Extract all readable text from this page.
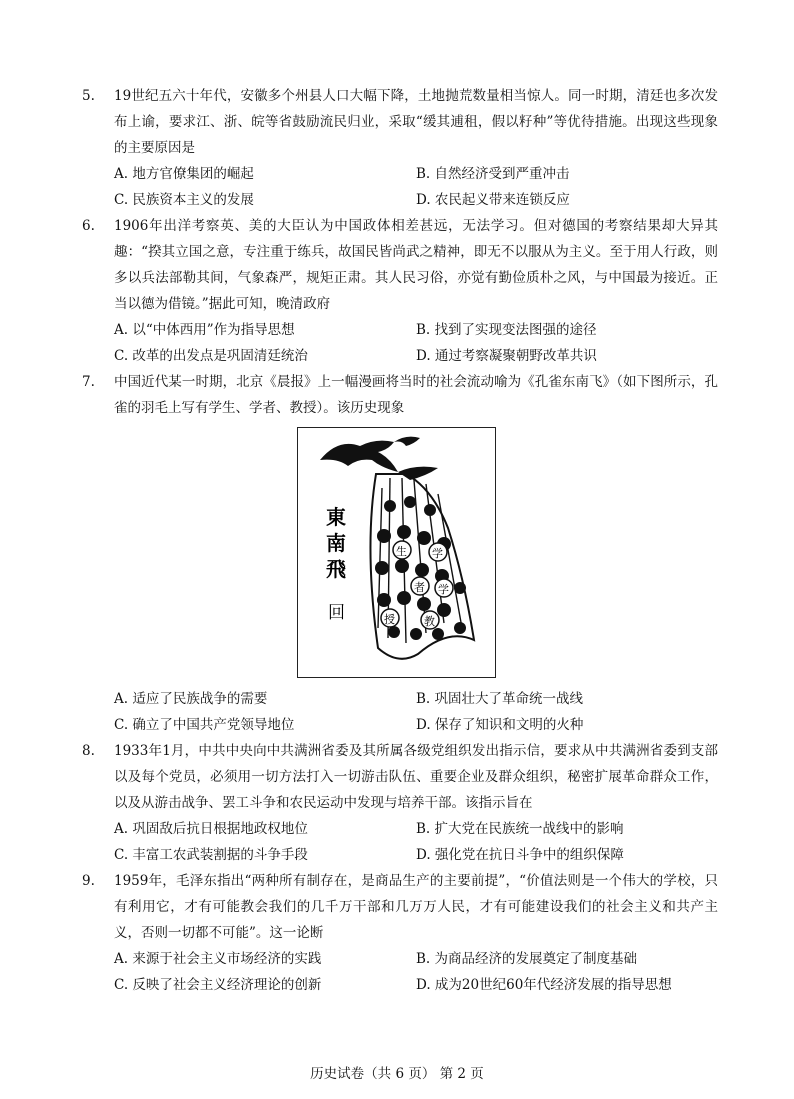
5.	19世纪五六十年代，安徽多个州县人口大幅下降，土地抛荒数量相当惊人。同一时期，清廷也多次发布上谕，要求江、浙、皖等省鼓励流民归业，采取“缓其逋租，假以籽种”等优待措施。出现这些现象的主要原因是
A. 地方官僚集团的崛起	B. 自然经济受到严重冲击
C. 民族资本主义的发展	D. 农民起义带来连锁反应
6.	1906年出洋考察英、美的大臣认为中国政体相差甚远，无法学习。但对德国的考察结果却大异其趣：“揆其立国之意，专注重于练兵，故国民皆尚武之精神，即无不以服从为主义。至于用人行政，则多以兵法部勒其间，气象森严，规矩正肃。其人民习俗，亦觉有勤俭质朴之风，与中国最为接近。正当以德为借镜。”据此可知，晚清政府
A. 以“中体西用”作为指导思想	B. 找到了实现变法图强的途径
C. 改革的出发点是巩固清廷统治	D. 通过考察凝聚朝野改革共识
7.	中国近代某一时期，北京《晨报》上一幅漫画将当时的社会流动喻为《孔雀东南飞》（如下图所示，孔雀的羽毛上写有学生、学者、教授）。该历史现象
東
南
飛
回
生 学
者 学
授	教
A. 适应了民族战争的需要	B. 巩固壮大了革命统一战线
C. 确立了中国共产党领导地位	D. 保存了知识和文明的火种
8.	1933年1月，中共中央向中共满洲省委及其所属各级党组织发出指示信，要求从中共满洲省委到支部以及每个党员，必须用一切方法打入一切游击队伍、重要企业及群众组织，秘密扩展革命群众工作，以及从游击战争、罢工斗争和农民运动中发现与培养干部。该指示旨在
A. 巩固敌后抗日根据地政权地位	B. 扩大党在民族统一战线中的影响
C. 丰富工农武装割据的斗争手段	D. 强化党在抗日斗争中的组织保障
9.	1959年，毛泽东指出“两种所有制存在，是商品生产的主要前提”，“价值法则是一个伟大的学校，只有利用它，才有可能教会我们的几千万干部和几万万人民，才有可能建设我们的社会主义和共产主义，否则一切都不可能”。这一论断
A. 来源于社会主义市场经济的实践	B. 为商品经济的发展奠定了制度基础
C. 反映了社会主义经济理论的创新	D. 成为20世纪60年代经济发展的指导思想
历史试卷（共 6 页） 第 2 页
